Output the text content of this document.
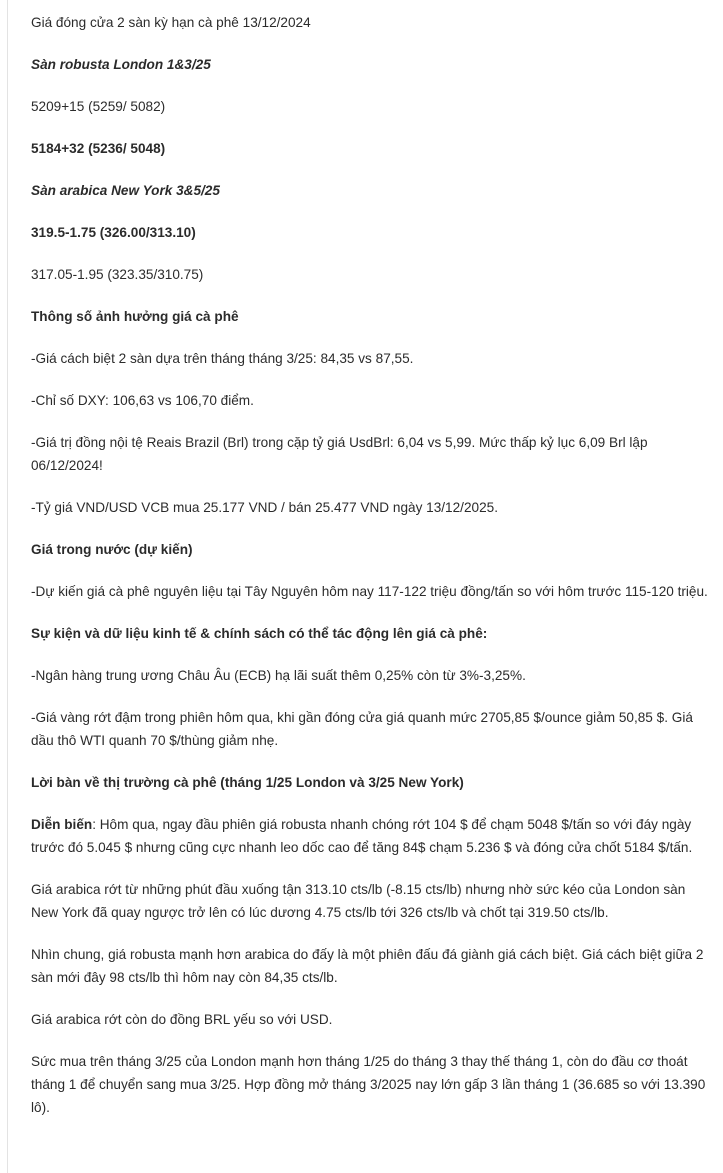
Giá đóng cửa 2 sàn kỳ hạn cà phê 13/12/2024

Sàn robusta London 1&3/25

5209+15 (5259/ 5082)

5184+32 (5236/ 5048)

Sàn arabica New York 3&5/25

319.5-1.75 (326.00/313.10)

317.05-1.95 (323.35/310.75)

Thông số ảnh hưởng giá cà phê

-Giá cách biệt 2 sàn dựa trên tháng tháng 3/25: 84,35 vs 87,55.

-Chỉ số DXY: 106,63 vs 106,70 điểm.

-Giá trị đồng nội tệ Reais Brazil (Brl) trong cặp tỷ giá UsdBrl: 6,04 vs 5,99. Mức thấp kỷ lục 6,09 Brl lập 06/12/2024!

-Tỷ giá VND/USD VCB mua 25.177 VND / bán 25.477 VND ngày 13/12/2025.

Giá trong nước (dự kiến)

-Dự kiến giá cà phê nguyên liệu tại Tây Nguyên hôm nay 117-122 triệu đồng/tấn so với hôm trước 115-120 triệu.

Sự kiện và dữ liệu kinh tế & chính sách có thể tác động lên giá cà phê:

-Ngân hàng trung ương Châu Âu (ECB) hạ lãi suất thêm 0,25% còn từ 3%-3,25%.

-Giá vàng rớt đậm trong phiên hôm qua, khi gần đóng cửa giá quanh mức 2705,85 $/ounce giảm 50,85 $. Giá dầu thô WTI quanh 70 $/thùng giảm nhẹ.

Lời bàn về thị trường cà phê (tháng 1/25 London và 3/25 New York)

Diễn biến: Hôm qua, ngay đầu phiên giá robusta nhanh chóng rớt 104 $ để chạm 5048 $/tấn so với đáy ngày trước đó 5.045 $ nhưng cũng cực nhanh leo dốc cao để tăng 84$ chạm 5.236 $ và đóng cửa chốt 5184 $/tấn.

Giá arabica rớt từ những phút đầu xuống tận 313.10 cts/lb (-8.15 cts/lb) nhưng nhờ sức kéo của London sàn New York đã quay ngược trở lên có lúc dương 4.75 cts/lb tới 326 cts/lb và chốt tại 319.50 cts/lb.

Nhìn chung, giá robusta mạnh hơn arabica do đấy là một phiên đấu đá giành giá cách biệt. Giá cách biệt giữa 2 sàn mới đây 98 cts/lb thì hôm nay còn 84,35 cts/lb.

Giá arabica rớt còn do đồng BRL yếu so với USD.

Sức mua trên tháng 3/25 của London mạnh hơn tháng 1/25 do tháng 3 thay thế tháng 1, còn do đầu cơ thoát tháng 1 để chuyển sang mua 3/25. Hợp đồng mở tháng 3/2025 nay lớn gấp 3 lần tháng 1 (36.685 so với 13.390 lô).
